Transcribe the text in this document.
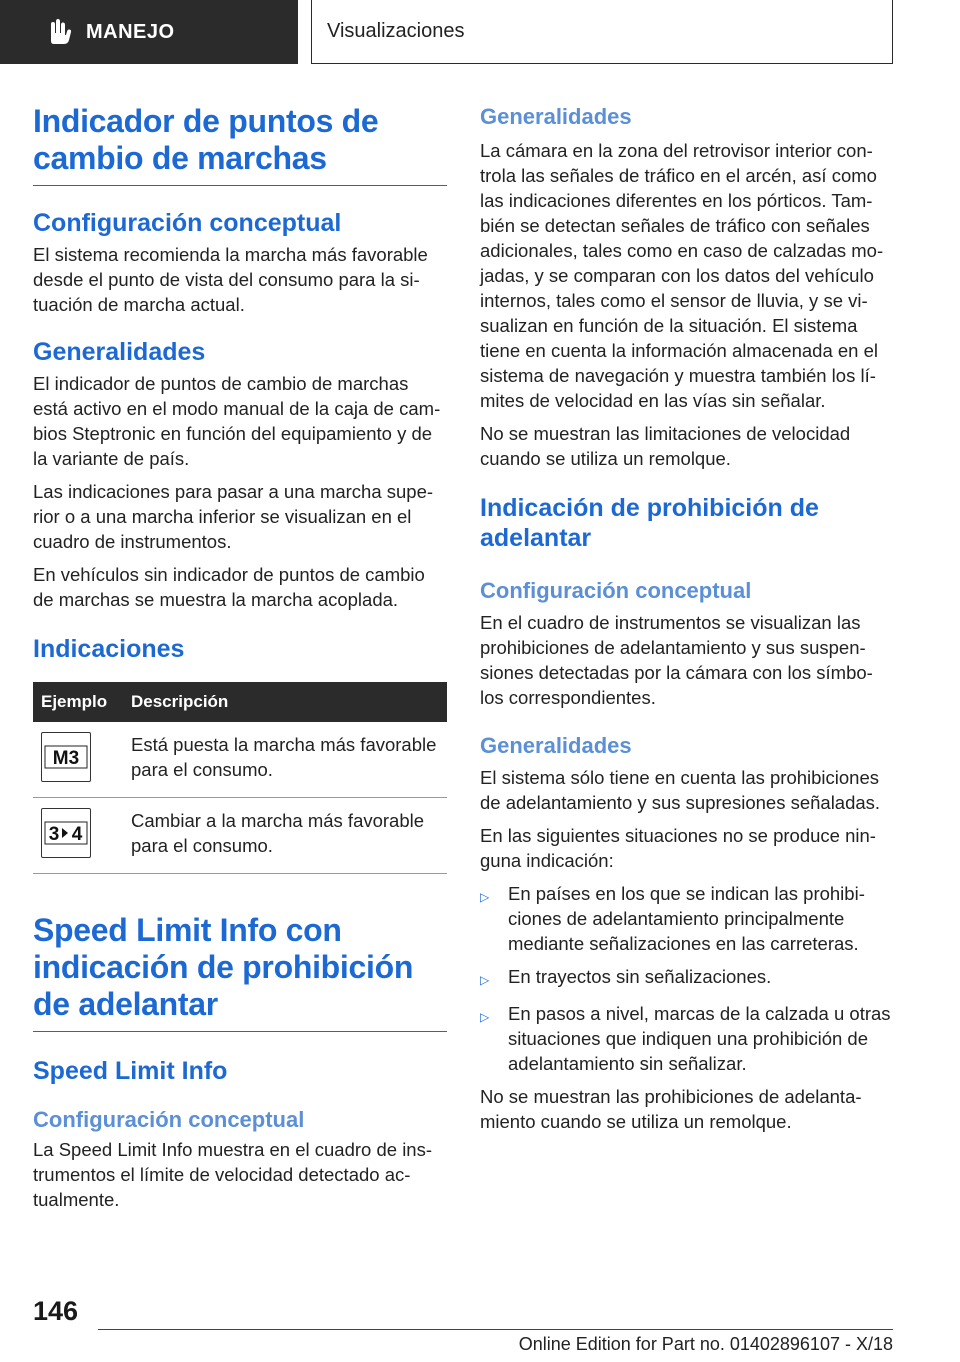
MANEJO	Visualizaciones
Indicador de puntos de cambio de marchas
Configuración conceptual

El sistema recomienda la marcha más favorable desde el punto de vista del consumo para la si-tuación de marcha actual.

Generalidades

El indicador de puntos de cambio de marchas está activo en el modo manual de la caja de cam-bios Steptronic en función del equipamiento y de la variante de país.

Las indicaciones para pasar a una marcha supe-rior o a una marcha inferior se visualizan en el cuadro de instrumentos.

En vehículos sin indicador de puntos de cambio de marchas se muestra la marcha acoplada.

Indicaciones
Ejemplo	Descripción

M3	Está puesta la marcha más favorable para el consumo.

3 4	Cambiar a la marcha más favorable para el consumo.
Speed Limit Info con indicación de prohibición de adelantar
Speed Limit Info
Configuración conceptual

La Speed Limit Info muestra en el cuadro de ins-trumentos el límite de velocidad detectado ac-tualmente.

Generalidades

La cámara en la zona del retrovisor interior con-trola las señales de tráfico en el arcén, así como las indicaciones diferentes en los pórticos. Tam-bién se detectan señales de tráfico con señales adicionales, tales como en caso de calzadas mo-jadas, y se comparan con los datos del vehículo internos, tales como el sensor de lluvia, y se vi-sualizan en función de la situación. El sistema tiene en cuenta la información almacenada en el sistema de navegación y muestra también los lí-mites de velocidad en las vías sin señalar.

No se muestran las limitaciones de velocidad cuando se utiliza un remolque.

Indicación de prohibición de adelantar
Configuración conceptual

En el cuadro de instrumentos se visualizan las prohibiciones de adelantamiento y sus suspen-siones detectadas por la cámara con los símbo-los correspondientes.

Generalidades

El sistema sólo tiene en cuenta las prohibiciones de adelantamiento y sus supresiones señaladas.

En las siguientes situaciones no se produce nin-guna indicación:

▷	En países en los que se indican las prohibi-ciones de adelantamiento principalmente mediante señalizaciones en las carreteras.
▷	En trayectos sin señalizaciones.
▷	En pasos a nivel, marcas de la calzada u otras situaciones que indiquen una prohibición de adelantamiento sin señalizar.

No se muestran las prohibiciones de adelanta-miento cuando se utiliza un remolque.

146
Online Edition for Part no. 01402896107 - X/18
